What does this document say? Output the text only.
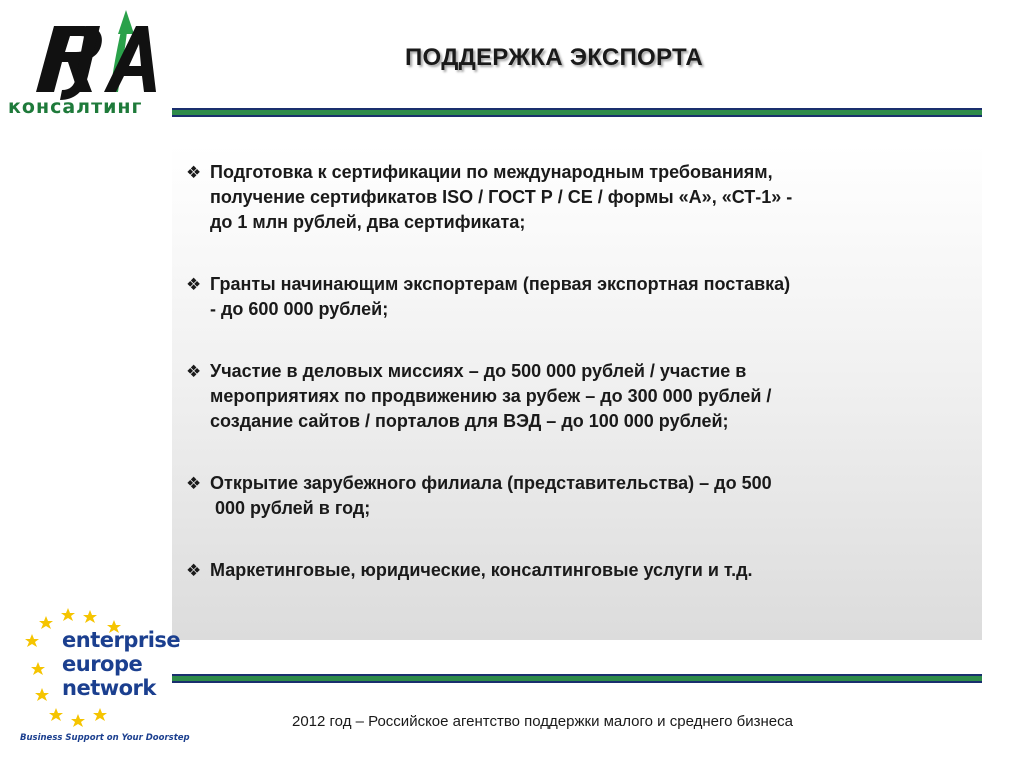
консалтинг
ПОДДЕРЖКА ЭКСПОРТА
❖ Подготовка к сертификации по международным требованиям,
получение сертификатов ISO / ГОСТ Р / CE / формы «А», «СТ-1» -
до 1 млн рублей, два сертификата;
❖ Гранты начинающим экспортерам (первая экспортная поставка)
- до 600 000 рублей;
❖ Участие в деловых миссиях – до 500 000 рублей / участие в
мероприятиях по продвижению за рубеж – до 300 000 рублей /
создание сайтов / порталов для ВЭД – до 100 000 рублей;
❖ Открытие зарубежного филиала (представительства) – до 500
000 рублей в год;
❖ Маркетинговые, юридические, консалтинговые услуги и т.д.
enterprise
europe
network
Business Support on Your Doorstep
2012 год – Российское агентство поддержки малого и среднего бизнеса
